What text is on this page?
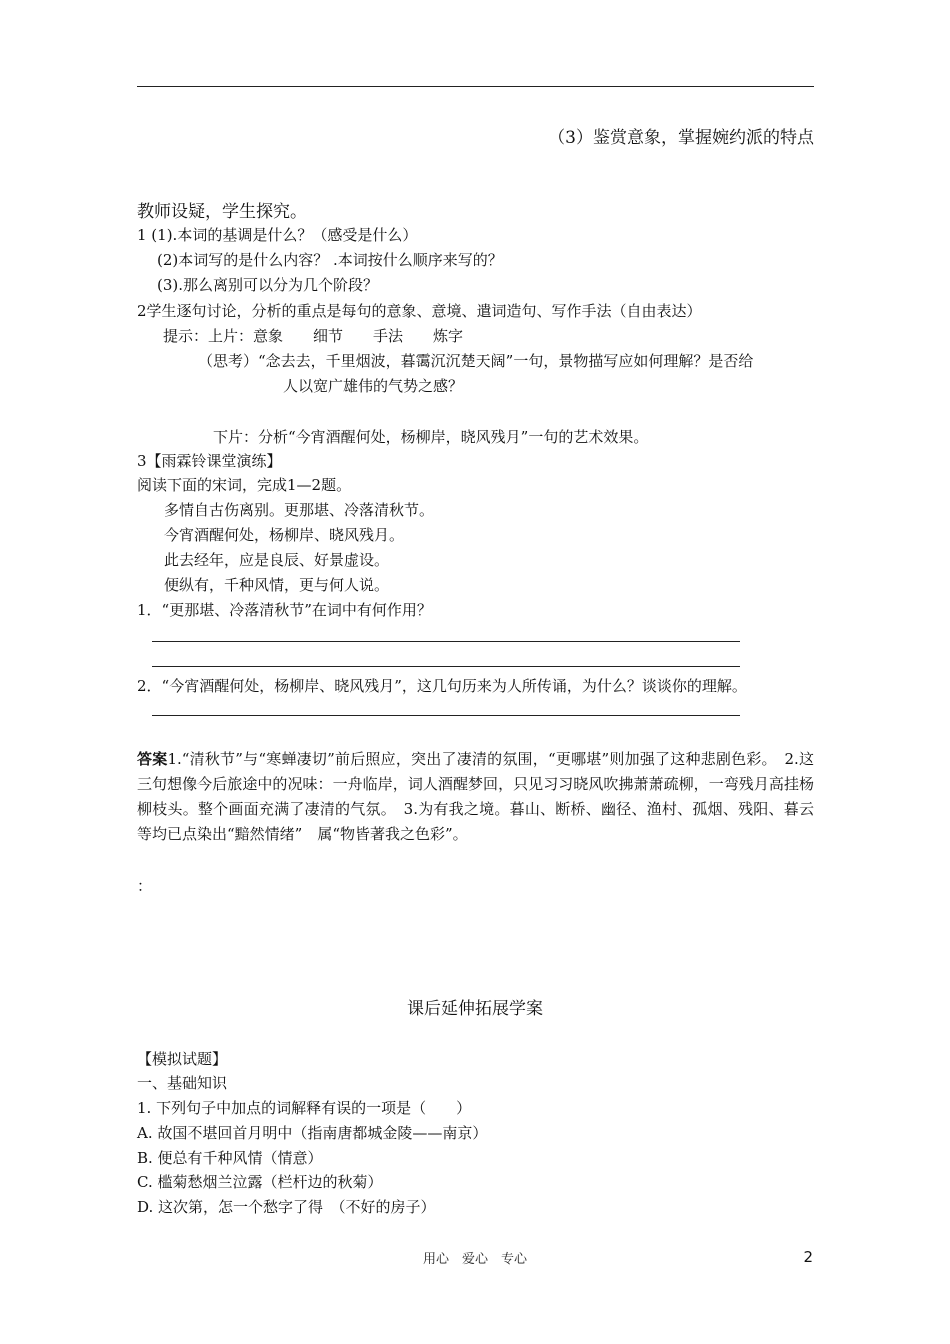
（3）鉴赏意象，掌握婉约派的特点
教师设疑，学生探究。
1 (1).本词的基调是什么？（感受是什么）
(2)本词写的是什么内容？ .本词按什么顺序来写的？
(3).那么离别可以分为几个阶段？
2学生逐句讨论，分析的重点是每句的意象、意境、遣词造句、写作手法（自由表达）
提示：上片：意象　　细节　　手法　　炼字
（思考）“念去去，千里烟波，暮霭沉沉楚天阔”一句，景物描写应如何理解？是否给
人以宽广雄伟的气势之感？
下片：分析“今宵酒醒何处，杨柳岸，晓风残月”一句的艺术效果。
3【雨霖铃课堂演练】
阅读下面的宋词，完成1—2题。
多情自古伤离别。更那堪、冷落清秋节。
今宵酒醒何处，杨柳岸、晓风残月。
此去经年，应是良辰、好景虚设。
便纵有，千种风情，更与何人说。
1．“更那堪、冷落清秋节”在词中有何作用？
2．“今宵酒醒何处，杨柳岸、晓风残月”，这几句历来为人所传诵，为什么？谈谈你的理解。

答案1.“清秋节”与“寒蝉凄切”前后照应，突出了凄清的氛围，“更哪堪”则加强了这种悲剧色彩。　2.这三句想像今后旅途中的况味：一舟临岸，词人酒醒梦回，只见习习晓风吹拂萧萧疏柳，一弯残月高挂杨柳枝头。整个画面充满了凄清的气氛。　3.为有我之境。暮山、断桥、幽径、渔村、孤烟、残阳、暮云等均已点染出“黯然情绪”　属“物皆著我之色彩”。

：
课后延伸拓展学案
【模拟试题】
一、基础知识
1. 下列句子中加点的词解释有误的一项是（　　）
A. 故国不堪回首月明中（指南唐都城金陵——南京）
B. 便总有千种风情（情意）
C. 槛菊愁烟兰泣露（栏杆边的秋菊）
D. 这次第，怎一个愁字了得　（不好的房子）
用心　爱心　专心	2
